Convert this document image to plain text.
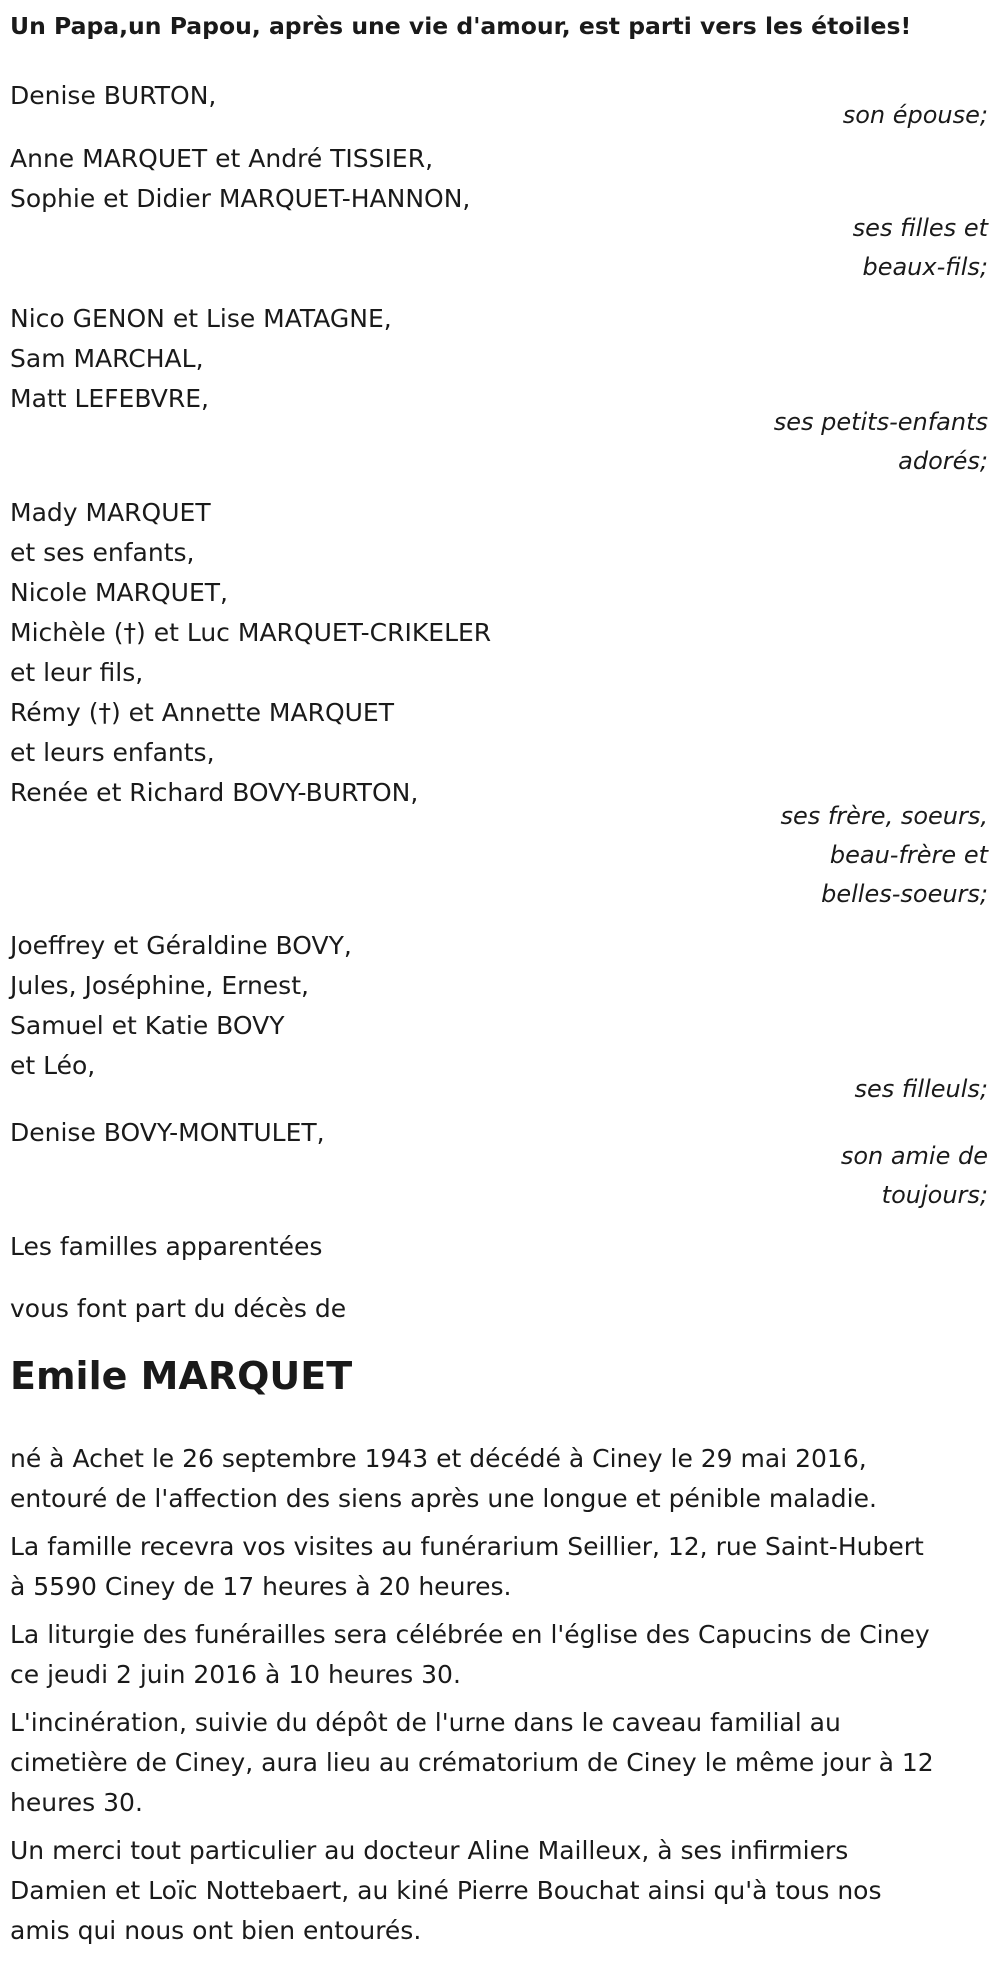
Un Papa,un Papou, après une vie d'amour, est parti vers les étoiles!
Denise BURTON,
son épouse;
Anne MARQUET et André TISSIER,
Sophie et Didier MARQUET-HANNON,
ses filles et
beaux-fils;
Nico GENON et Lise MATAGNE,
Sam MARCHAL,
Matt LEFEBVRE,
ses petits-enfants
adorés;
Mady MARQUET
et ses enfants,
Nicole MARQUET,
Michèle (†) et Luc MARQUET-CRIKELER
et leur fils,
Rémy (†) et Annette MARQUET
et leurs enfants,
Renée et Richard BOVY-BURTON,
ses frère, soeurs,
beau-frère et
belles-soeurs;
Joeffrey et Géraldine BOVY,
Jules, Joséphine, Ernest,
Samuel et Katie BOVY
et Léo,
ses filleuls;
Denise BOVY-MONTULET,
son amie de
toujours;
Les familles apparentées
vous font part du décès de
Emile MARQUET
né à Achet le 26 septembre 1943 et décédé à Ciney le 29 mai 2016,
entouré de l'affection des siens après une longue et pénible maladie.
La famille recevra vos visites au funérarium Seillier, 12, rue Saint-Hubert
à 5590 Ciney de 17 heures à 20 heures.
La liturgie des funérailles sera célébrée en l'église des Capucins de Ciney
ce jeudi 2 juin 2016 à 10 heures 30.
L'incinération, suivie du dépôt de l'urne dans le caveau familial au
cimetière de Ciney, aura lieu au crématorium de Ciney le même jour à 12
heures 30.
Un merci tout particulier au docteur Aline Mailleux, à ses infirmiers
Damien et Loïc Nottebaert, au kiné Pierre Bouchat ainsi qu'à tous nos
amis qui nous ont bien entourés.
